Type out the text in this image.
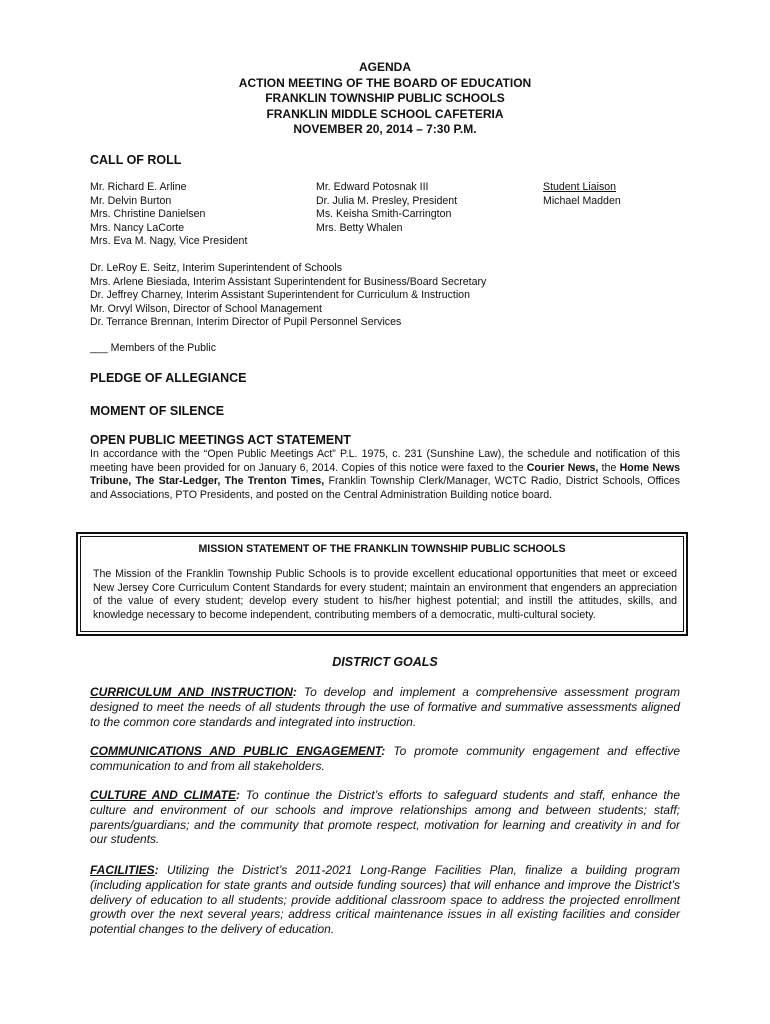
AGENDA
ACTION MEETING OF THE BOARD OF EDUCATION
FRANKLIN TOWNSHIP PUBLIC SCHOOLS
FRANKLIN MIDDLE SCHOOL CAFETERIA
NOVEMBER 20, 2014 – 7:30 P.M.
CALL OF ROLL
Mr. Richard E. Arline
Mr. Delvin Burton
Mrs. Christine Danielsen
Mrs. Nancy LaCorte
Mrs. Eva M. Nagy, Vice President
Mr. Edward Potosnak III
Dr. Julia M. Presley, President
Ms. Keisha Smith-Carrington
Mrs. Betty Whalen
Student Liaison
Michael Madden
Dr. LeRoy E. Seitz, Interim Superintendent of Schools
Mrs. Arlene Biesiada, Interim Assistant Superintendent for Business/Board Secretary
Dr. Jeffrey Charney, Interim Assistant Superintendent for Curriculum & Instruction
Mr. Orvyl Wilson, Director of School Management
Dr. Terrance Brennan, Interim Director of Pupil Personnel Services
___ Members of the Public
PLEDGE OF ALLEGIANCE
MOMENT OF SILENCE
OPEN PUBLIC MEETINGS ACT STATEMENT
In accordance with the “Open Public Meetings Act” P.L. 1975, c. 231 (Sunshine Law), the schedule and notification of this meeting have been provided for on January 6, 2014. Copies of this notice were faxed to the Courier News, the Home News Tribune, The Star-Ledger, The Trenton Times, Franklin Township Clerk/Manager, WCTC Radio, District Schools, Offices and Associations, PTO Presidents, and posted on the Central Administration Building notice board.
MISSION STATEMENT OF THE FRANKLIN TOWNSHIP PUBLIC SCHOOLS
The Mission of the Franklin Township Public Schools is to provide excellent educational opportunities that meet or exceed New Jersey Core Curriculum Content Standards for every student; maintain an environment that engenders an appreciation of the value of every student; develop every student to his/her highest potential; and instill the attitudes, skills, and knowledge necessary to become independent, contributing members of a democratic, multi-cultural society.
DISTRICT GOALS
CURRICULUM AND INSTRUCTION: To develop and implement a comprehensive assessment program designed to meet the needs of all students through the use of formative and summative assessments aligned to the common core standards and integrated into instruction.
COMMUNICATIONS AND PUBLIC ENGAGEMENT: To promote community engagement and effective communication to and from all stakeholders.
CULTURE AND CLIMATE: To continue the District’s efforts to safeguard students and staff, enhance the culture and environment of our schools and improve relationships among and between students; staff; parents/guardians; and the community that promote respect, motivation for learning and creativity in and for our students.
FACILITIES: Utilizing the District’s 2011-2021 Long-Range Facilities Plan, finalize a building program (including application for state grants and outside funding sources) that will enhance and improve the District’s delivery of education to all students; provide additional classroom space to address the projected enrollment growth over the next several years; address critical maintenance issues in all existing facilities and consider potential changes to the delivery of education.
